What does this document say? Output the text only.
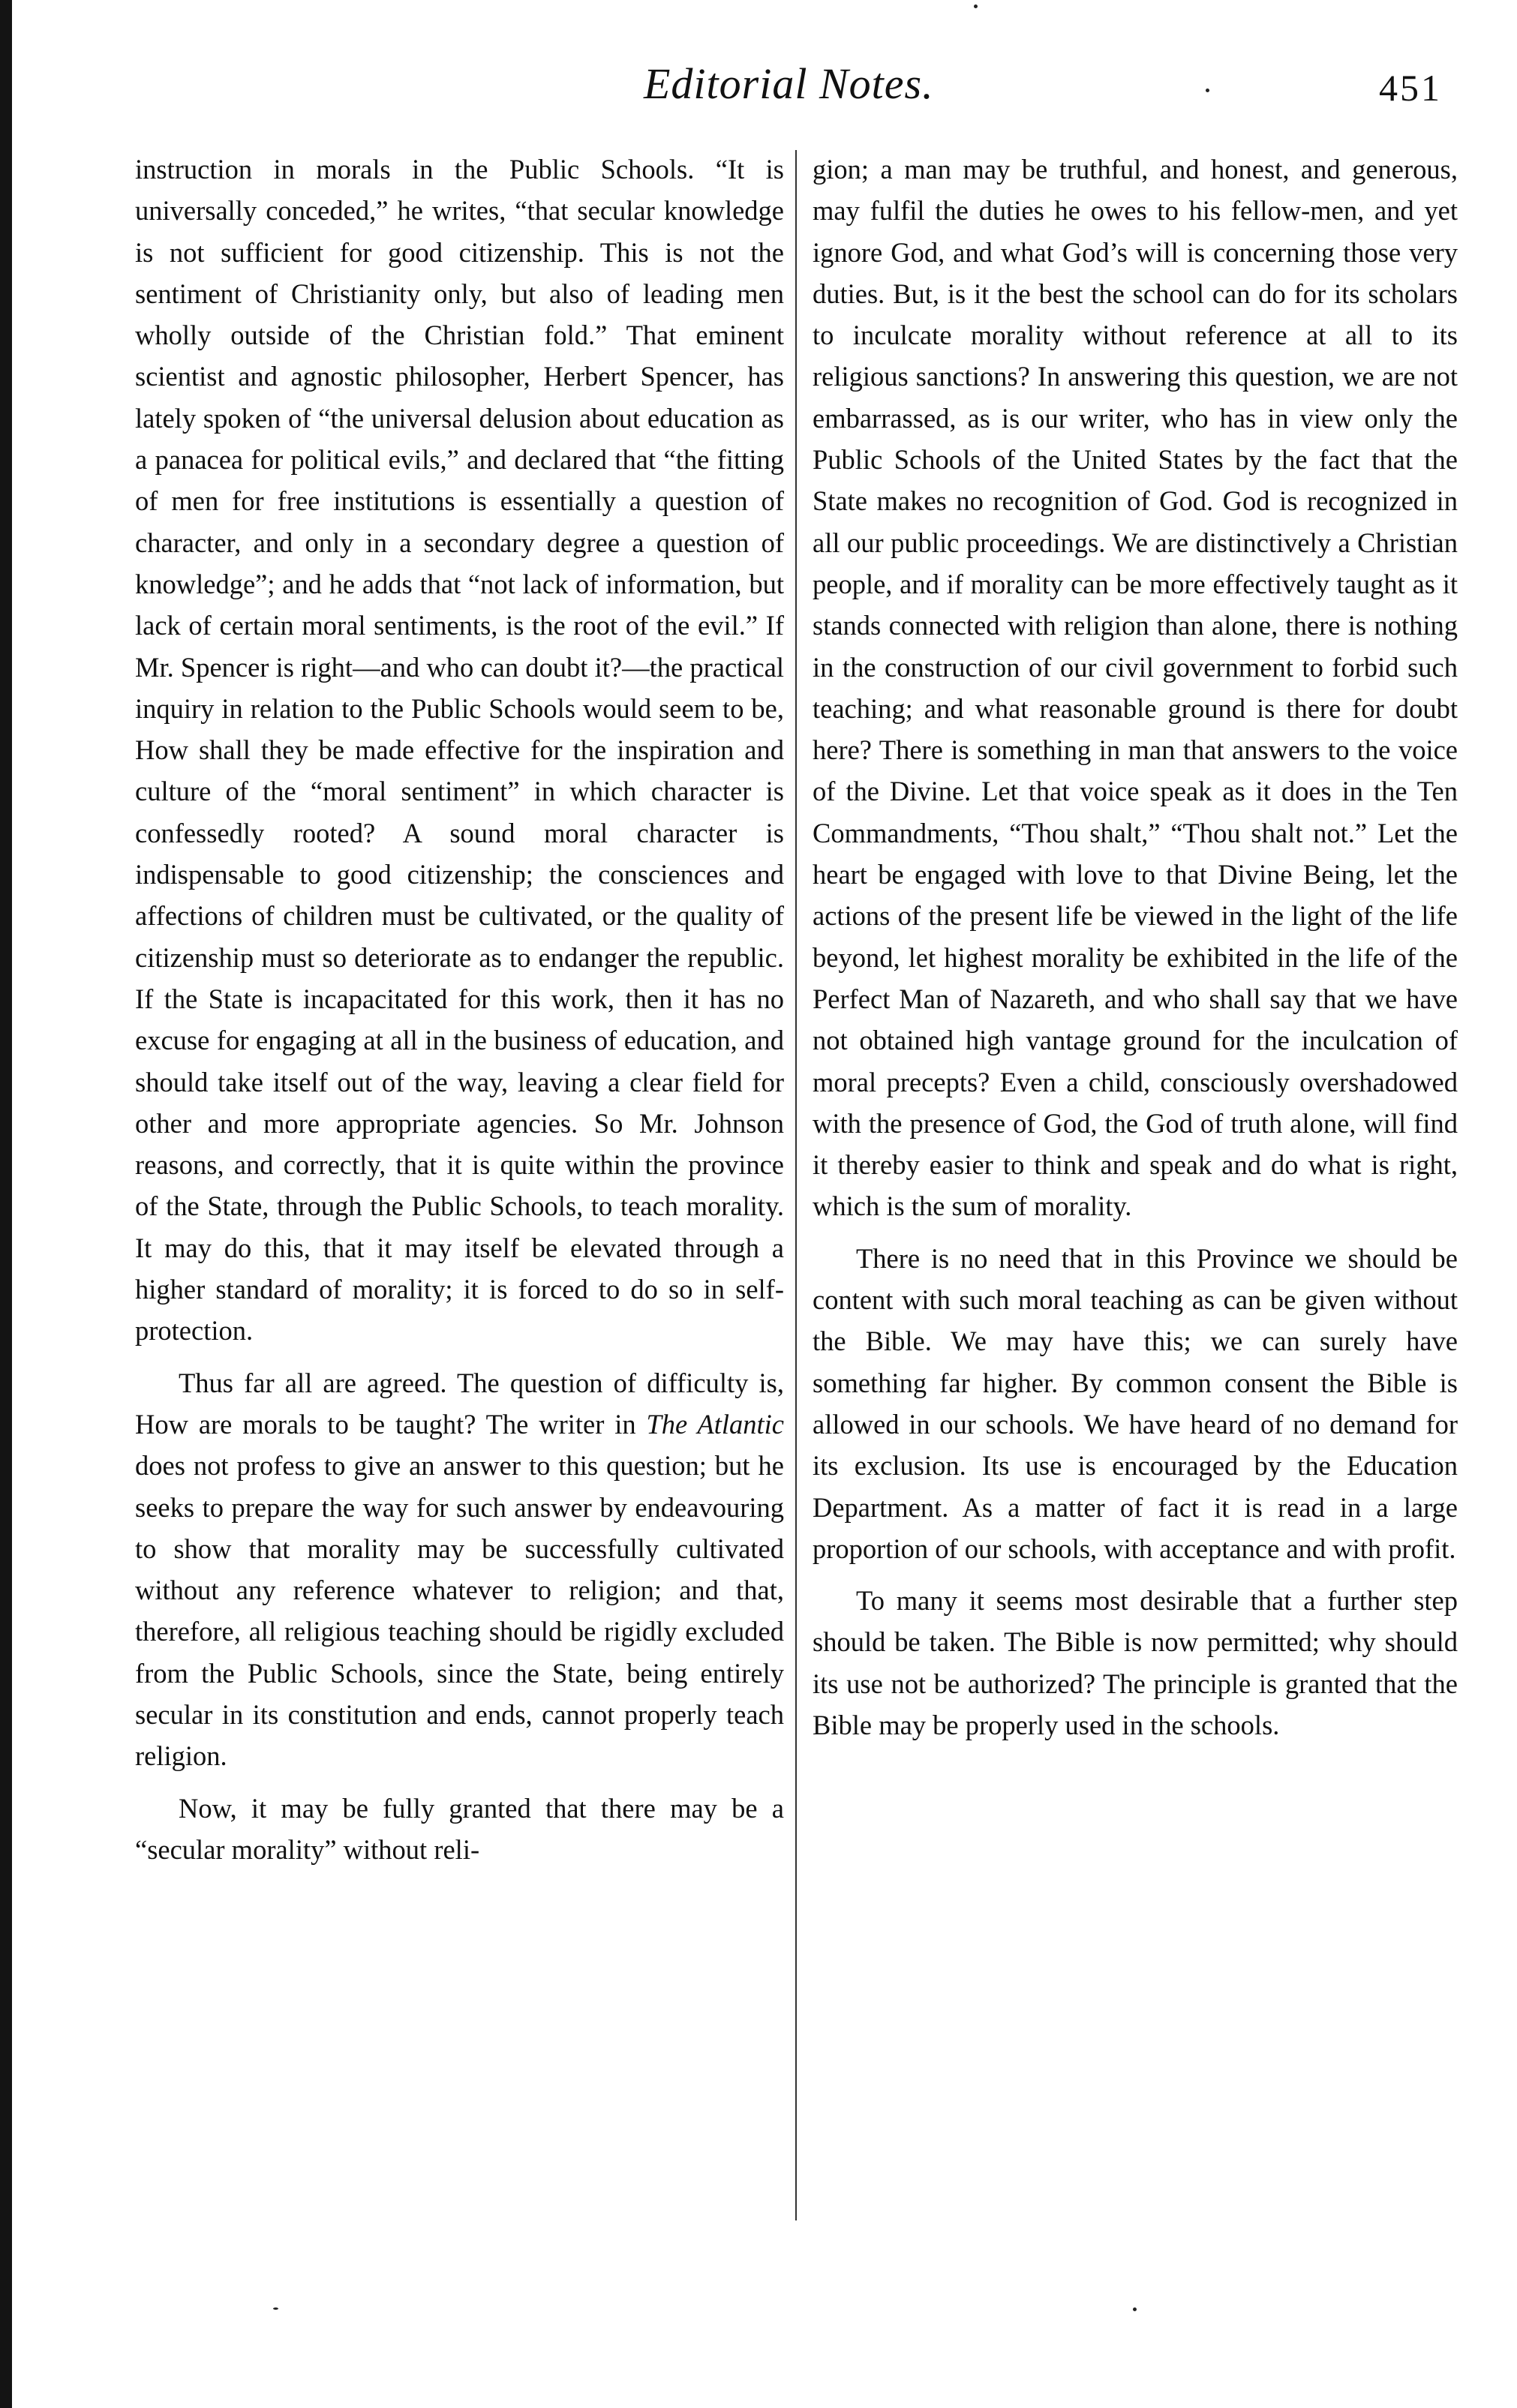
Editorial Notes.	451

instruction in morals in the Public Schools. “It is universally conceded,” he writes, “that secular knowledge is not sufficient for good citizenship. This is not the sentiment of Christianity only, but also of leading men wholly outside of the Christian fold.” That eminent scientist and agnostic philosopher, Herbert Spencer, has lately spoken of “the universal delusion about education as a panacea for political evils,” and declared that “the fitting of men for free institutions is essentially a question of character, and only in a secondary degree a question of knowledge”; and he adds that “not lack of information, but lack of certain moral sentiments, is the root of the evil.” If Mr. Spencer is right—and who can doubt it?—the practical inquiry in relation to the Public Schools would seem to be, How shall they be made effective for the inspiration and culture of the “moral sentiment” in which character is confessedly rooted? A sound moral character is indispensable to good citizenship; the consciences and affections of children must be cultivated, or the quality of citizenship must so deteriorate as to endanger the republic. If the State is incapacitated for this work, then it has no excuse for engaging at all in the business of education, and should take itself out of the way, leaving a clear field for other and more appropriate agencies. So Mr. Johnson reasons, and correctly, that it is quite within the province of the State, through the Public Schools, to teach morality. It may do this, that it may itself be elevated through a higher standard of morality; it is forced to do so in self-protection.

Thus far all are agreed. The question of difficulty is, How are morals to be taught? The writer in The Atlantic does not profess to give an answer to this question; but he seeks to prepare the way for such answer by endeavouring to show that morality may be successfully cultivated without any reference whatever to religion; and that, therefore, all religious teaching should be rigidly excluded from the Public Schools, since the State, being entirely secular in its constitution and ends, cannot properly teach religion.

Now, it may be fully granted that there may be a “secular morality” without reli-

gion; a man may be truthful, and honest, and generous, may fulfil the duties he owes to his fellow-men, and yet ignore God, and what God’s will is concerning those very duties. But, is it the best the school can do for its scholars to inculcate morality without reference at all to its religious sanctions? In answering this question, we are not embarrassed, as is our writer, who has in view only the Public Schools of the United States by the fact that the State makes no recognition of God. God is recognized in all our public proceedings. We are distinctively a Christian people, and if morality can be more effectively taught as it stands connected with religion than alone, there is nothing in the construction of our civil government to forbid such teaching; and what reasonable ground is there for doubt here? There is something in man that answers to the voice of the Divine. Let that voice speak as it does in the Ten Commandments, “Thou shalt,” “Thou shalt not.” Let the heart be engaged with love to that Divine Being, let the actions of the present life be viewed in the light of the life beyond, let highest morality be exhibited in the life of the Perfect Man of Nazareth, and who shall say that we have not obtained high vantage ground for the inculcation of moral precepts? Even a child, consciously overshadowed with the presence of God, the God of truth alone, will find it thereby easier to think and speak and do what is right, which is the sum of morality.

There is no need that in this Province we should be content with such moral teaching as can be given without the Bible. We may have this; we can surely have something far higher. By common consent the Bible is allowed in our schools. We have heard of no demand for its exclusion. Its use is encouraged by the Education Department. As a matter of fact it is read in a large proportion of our schools, with acceptance and with profit.

To many it seems most desirable that a further step should be taken. The Bible is now permitted; why should its use not be authorized? The principle is granted that the Bible may be properly used in the schools.
